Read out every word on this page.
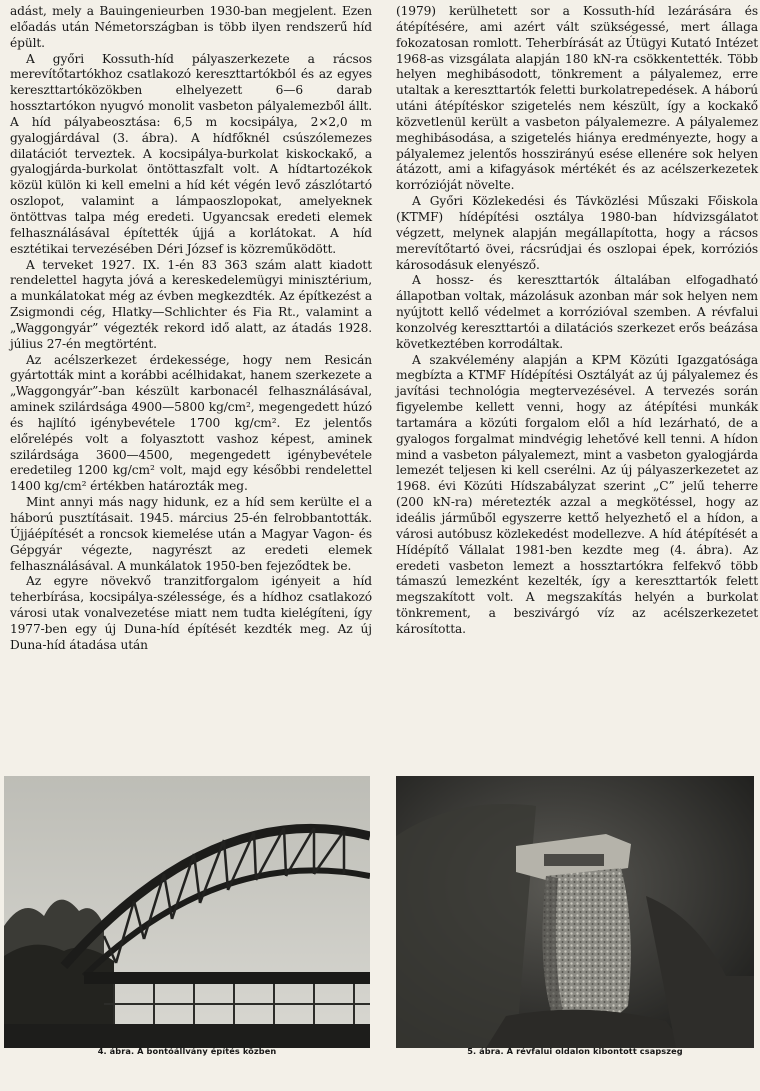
adást, mely a Bauingenieurben 1930-ban megjelent. Ezen előadás után Németországban is több ilyen rendszerű híd épült.

A győri Kossuth-híd pályaszerkezete a rácsos merevítőtartókhoz csatlakozó kereszttartókból és az egyes kereszttartóközökben elhelyezett 6—6 darab hossztartókon nyugvó monolit vasbeton pályalemezből állt. A híd pályabeosztása: 6,5 m kocsipálya, 2×2,0 m gyalogjárdával (3. ábra). A hídfőknél csúszólemezes dilatációt terveztek. A kocsipálya-burkolat kiskockakő, a gyalogjárda-burkolat öntöttaszfalt volt. A hídtartozékok közül külön ki kell emelni a híd két végén levő zászlótartó oszlopot, valamint a lámpaoszlopokat, amelyeknek öntöttvas talpa még eredeti. Ugyancsak eredeti elemek felhasználásával építették újjá a korlátokat. A híd esztétikai tervezésében Déri József is közreműködött.

A terveket 1927. IX. 1-én 83 363 szám alatt kiadott rendelettel hagyta jóvá a kereskedelemügyi minisztérium, a munkálatokat még az évben megkezdték. Az építkezést a Zsigmondi cég, Hlatky—Schlichter és Fia Rt., valamint a „Waggongyár” végezték rekord idő alatt, az átadás 1928. július 27-én megtörtént.

Az acélszerkezet érdekessége, hogy nem Resicán gyártották mint a korábbi acélhidakat, hanem szerkezete a „Waggongyár”-ban készült karbonacél felhasználásával, aminek szilárdsága 4900—5800 kg/cm², megengedett húzó és hajlító igénybevétele 1700 kg/cm². Ez jelentős előrelépés volt a folyasztott vashoz képest, aminek szilárdsága 3600—4500, megengedett igénybevétele eredetileg 1200 kg/cm² volt, majd egy későbbi rendelettel 1400 kg/cm² értékben határozták meg.

Mint annyi más nagy hidunk, ez a híd sem kerülte el a háború pusztításait. 1945. március 25-én felrobbantották. Újjáépítését a roncsok kiemelése után a Magyar Vagon- és Gépgyár végezte, nagyrészt az eredeti elemek felhasználásával. A munkálatok 1950-ben fejeződtek be.

Az egyre növekvő tranzitforgalom igényeit a híd teherbírása, kocsipálya-szélessége, és a hídhoz csatlakozó városi utak vonalvezetése miatt nem tudta kielégíteni, így 1977-ben egy új Duna-híd építését kezdték meg. Az új Duna-híd átadása után

(1979) kerülhetett sor a Kossuth-híd lezárására és átépítésére, ami azért vált szükségessé, mert állaga fokozatosan romlott. Teherbírását az Útügyi Kutató Intézet 1968-as vizsgálata alapján 180 kN-ra csökkentették. Több helyen meghibásodott, tönkrement a pályalemez, erre utaltak a kereszttartók feletti burkolatrepedések. A háború utáni átépítéskor szigetelés nem készült, így a kockakő közvetlenül került a vasbeton pályalemezre. A pályalemez meghibásodása, a szigetelés hiánya eredményezte, hogy a pályalemez jelentős hosszirányú esése ellenére sok helyen átázott, ami a kifagyások mértékét és az acélszerkezetek korrózióját növelte.

A Győri Közlekedési és Távközlési Műszaki Főiskola (KTMF) hídépítési osztálya 1980-ban hídvizsgálatot végzett, melynek alapján megállapította, hogy a rácsos merevítőtartó övei, rácsrúdjai és oszlopai épek, korróziós károsodásuk elenyésző.

A hossz- és kereszttartók általában elfogadható állapotban voltak, mázolásuk azonban már sok helyen nem nyújtott kellő védelmet a korrózióval szemben. A révfalui konzolvég kereszttartói a dilatációs szerkezet erős beázása következtében korrodáltak.

A szakvélemény alapján a KPM Közúti Igazgatósága megbízta a KTMF Hídépítési Osztályát az új pályalemez és javítási technológia megtervezésével. A tervezés során figyelembe kellett venni, hogy az átépítési munkák tartamára a közúti forgalom elől a híd lezárható, de a gyalogos forgalmat mindvégig lehetővé kell tenni. A hídon mind a vasbeton pályalemezt, mint a vasbeton gyalogjárda lemezét teljesen ki kell cserélni. Az új pályaszerkezetet az 1968. évi Közúti Hídszabályzat szerint „C” jelű teherre (200 kN-ra) méretezték azzal a megkötéssel, hogy az ideális járműből egyszerre kettő helyezhető el a hídon, a városi autóbusz közlekedést modellezve. A híd átépítését a Hídépítő Vállalat 1981-ben kezdte meg (4. ábra). Az eredeti vasbeton lemezt a hossztartókra felfekvő több támaszú lemezként kezelték, így a kereszttartók felett megszakított volt. A megszakítás helyén a burkolat tönkrement, a beszivárgó víz az acélszerkezetet károsította.

4. ábra. A bontóállvány építés közben	5. ábra. A révfalui oldalon kibontott csapszeg
